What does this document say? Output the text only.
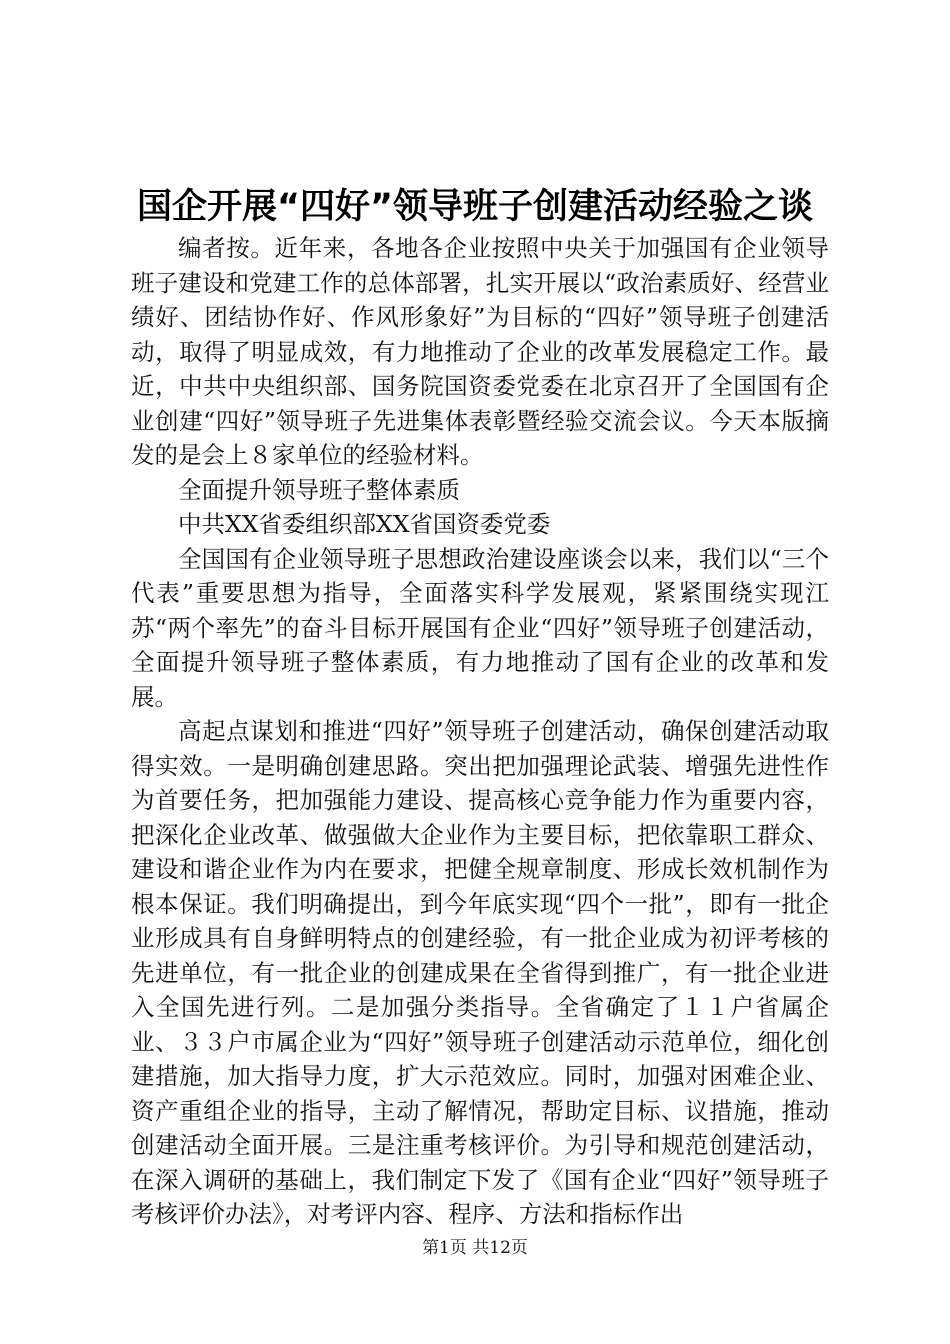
国企开展“四好”领导班子创建活动经验之谈

编者按。近年来，各地各企业按照中央关于加强国有企业领导班子建设和党建工作的总体部署，扎实开展以“政治素质好、经营业绩好、团结协作好、作风形象好”为目标的“四好”领导班子创建活动，取得了明显成效，有力地推动了企业的改革发展稳定工作。最近，中共中央组织部、国务院国资委党委在北京召开了全国国有企业创建“四好”领导班子先进集体表彰暨经验交流会议。今天本版摘发的是会上８家单位的经验材料。

全面提升领导班子整体素质

中共XX省委组织部XX省国资委党委

全国国有企业领导班子思想政治建设座谈会以来，我们以“三个代表”重要思想为指导，全面落实科学发展观，紧紧围绕实现江苏“两个率先”的奋斗目标开展国有企业“四好”领导班子创建活动，全面提升领导班子整体素质，有力地推动了国有企业的改革和发展。

高起点谋划和推进“四好”领导班子创建活动，确保创建活动取得实效。一是明确创建思路。突出把加强理论武装、增强先进性作为首要任务，把加强能力建设、提高核心竞争能力作为重要内容，把深化企业改革、做强做大企业作为主要目标，把依靠职工群众、建设和谐企业作为内在要求，把健全规章制度、形成长效机制作为根本保证。我们明确提出，到今年底实现“四个一批”，即有一批企业形成具有自身鲜明特点的创建经验，有一批企业成为初评考核的先进单位，有一批企业的创建成果在全省得到推广，有一批企业进入全国先进行列。二是加强分类指导。全省确定了１１户省属企业、３３户市属企业为“四好”领导班子创建活动示范单位，细化创建措施，加大指导力度，扩大示范效应。同时，加强对困难企业、资产重组企业的指导，主动了解情况，帮助定目标、议措施，推动创建活动全面开展。三是注重考核评价。为引导和规范创建活动，在深入调研的基础上，我们制定下发了《国有企业“四好”领导班子考核评价办法》，对考评内容、程序、方法和指标作出

第1页 共12页
